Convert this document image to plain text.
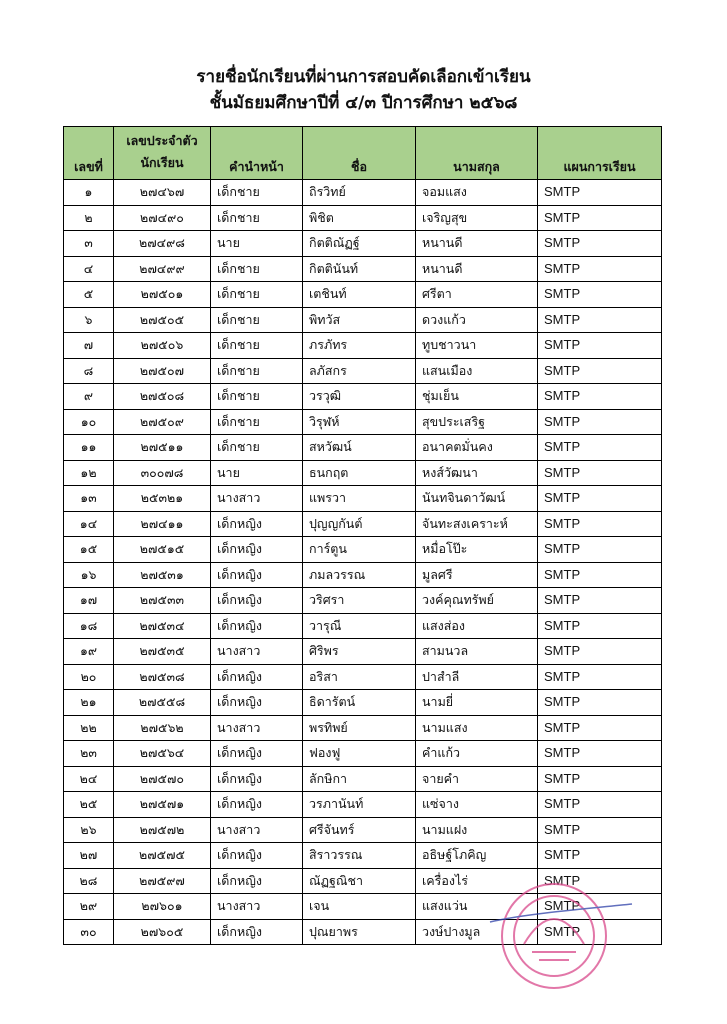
รายชื่อนักเรียนที่ผ่านการสอบคัดเลือกเข้าเรียน
ชั้นมัธยมศึกษาปีที่ ๔/๓ ปีการศึกษา ๒๕๖๘
เลขที่	เลขประจำตัว	คำนำหน้า	ชื่อ	นามสกุล	แผนการเรียน
	นักเรียน				
๑	๒๗๔๖๗	เด็กชาย	ถิรวิทย์	จอมแสง	SMTP
๒	๒๗๔๙๐	เด็กชาย	พิชิต	เจริญสุข	SMTP
๓	๒๗๔๙๘	นาย	กิตติณัฏฐ์	หนานดี	SMTP
๔	๒๗๔๙๙	เด็กชาย	กิตตินันท์	หนานดี	SMTP
๕	๒๗๕๐๑	เด็กชาย	เตชินท์	ศรีตา	SMTP
๖	๒๗๕๐๕	เด็กชาย	พิทวัส	ดวงแก้ว	SMTP
๗	๒๗๕๐๖	เด็กชาย	ภรภัทร	ทูบชาวนา	SMTP
๘	๒๗๕๐๗	เด็กชาย	ลภัสกร	แสนเมือง	SMTP
๙	๒๗๕๐๘	เด็กชาย	วรวุฒิ	ชุ่มเย็น	SMTP
๑๐	๒๗๕๐๙	เด็กชาย	วิรุฬห์	สุขประเสริฐ	SMTP
๑๑	๒๗๕๑๑	เด็กชาย	สหวัฒน์	อนาคตมั่นคง	SMTP
๑๒	๓๐๐๗๘	นาย	ธนกฤต	หงส์วัฒนา	SMTP
๑๓	๒๕๓๒๑	นางสาว	แพรวา	นันทจินดาวัฒน์	SMTP
๑๔	๒๗๔๑๑	เด็กหญิง	ปุญญกันต์	จันทะสงเคราะห์	SMTP
๑๕	๒๗๕๑๕	เด็กหญิง	การ์ตูน	หมื่อโป๊ะ	SMTP
๑๖	๒๗๕๓๑	เด็กหญิง	ภมลวรรณ	มูลศรี	SMTP
๑๗	๒๗๕๓๓	เด็กหญิง	วริศรา	วงค์คุณทรัพย์	SMTP
๑๘	๒๗๕๓๔	เด็กหญิง	วารุณี	แสงส่อง	SMTP
๑๙	๒๗๕๓๕	นางสาว	ศิริพร	สามนวล	SMTP
๒๐	๒๗๕๓๘	เด็กหญิง	อริสา	ปาสำลี	SMTP
๒๑	๒๗๕๕๘	เด็กหญิง	ธิดารัตน์	นามยี่	SMTP
๒๒	๒๗๕๖๒	นางสาว	พรทิพย์	นามแสง	SMTP
๒๓	๒๗๕๖๔	เด็กหญิง	ฟองฟู	คำแก้ว	SMTP
๒๔	๒๗๕๗๐	เด็กหญิง	ลักษิกา	จายคำ	SMTP
๒๕	๒๗๕๗๑	เด็กหญิง	วรภานันท์	แซ่จาง	SMTP
๒๖	๒๗๕๗๒	นางสาว	ศรีจันทร์	นามแฝง	SMTP
๒๗	๒๗๕๗๕	เด็กหญิง	สิราวรรณ	อธิษฐ์โภคิญ	SMTP
๒๘	๒๗๕๙๗	เด็กหญิง	ณัฏฐณิชา	เครื่องไร่	SMTP
๒๙	๒๗๖๐๑	นางสาว	เจน	แสงแว่น	SMTP
๓๐	๒๗๖๐๕	เด็กหญิง	ปุณยาพร	วงษ์ปางมูล	SMTP
